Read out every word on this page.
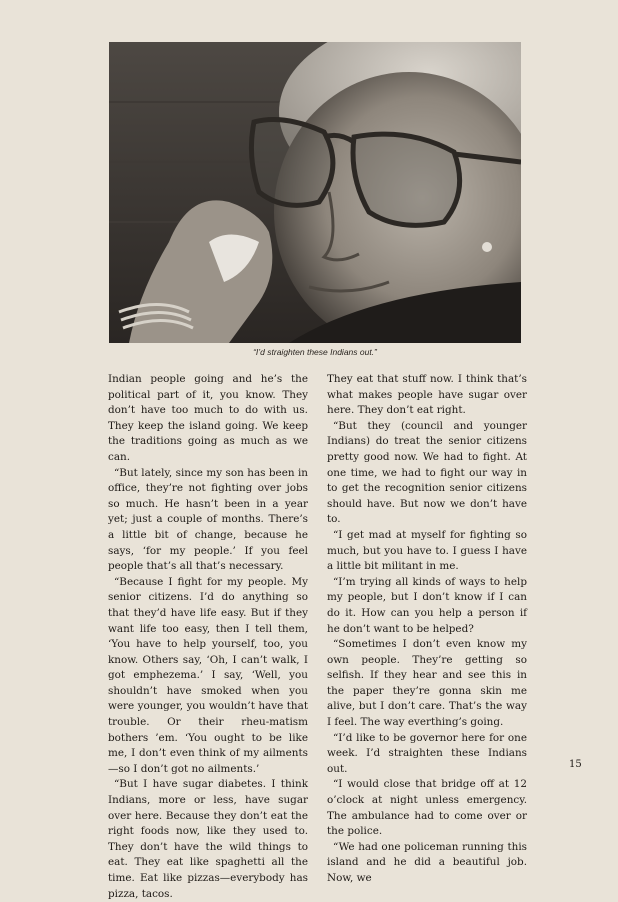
“I’d straighten these Indians out.”

Indian people going and he’s the political part of it, you know. They don’t have too much to do with us. They keep the island going. We keep the traditions going as much as we can.

“But lately, since my son has been in office, they’re not fighting over jobs so much. He hasn’t been in a year yet; just a couple of months. There’s a little bit of change, because he says, ‘for my people.’ If you feel people that’s all that’s necessary.

“Because I fight for my people. My senior citizens. I’d do anything so that they’d have life easy. But if they want life too easy, then I tell them, ‘You have to help yourself, too, you know. Others say, ‘Oh, I can’t walk, I got emphezema.’ I say, ‘Well, you shouldn’t have smoked when you were younger, you wouldn’t have that trouble. Or their rheu-matism bothers ’em. ‘You ought to be like me, I don’t even think of my ailments—so I don’t got no ailments.’

“But I have sugar diabetes. I think Indians, more or less, have sugar over here. Because they don’t eat the right foods now, like they used to. They don’t have the wild things to eat. They eat like spaghetti all the time. Eat like pizzas—everybody has pizza, tacos.

They eat that stuff now. I think that’s what makes people have sugar over here. They don’t eat right.

“But they (council and younger Indians) do treat the senior citizens pretty good now. We had to fight. At one time, we had to fight our way in to get the recognition senior citizens should have. But now we don’t have to.

“I get mad at myself for fighting so much, but you have to. I guess I have a little bit militant in me.

“I’m trying all kinds of ways to help my people, but I don’t know if I can do it. How can you help a person if he don’t want to be helped?

“Sometimes I don’t even know my own people. They’re getting so selfish. If they hear and see this in the paper they’re gonna skin me alive, but I don’t care. That’s the way I feel. The way everthing’s going.

“I’d like to be governor here for one week. I’d straighten these Indians out.

“I would close that bridge off at 12 o’clock at night unless emergency. The ambulance had to come over or the police.

“We had one policeman running this island and he did a beautiful job. Now, we

15
